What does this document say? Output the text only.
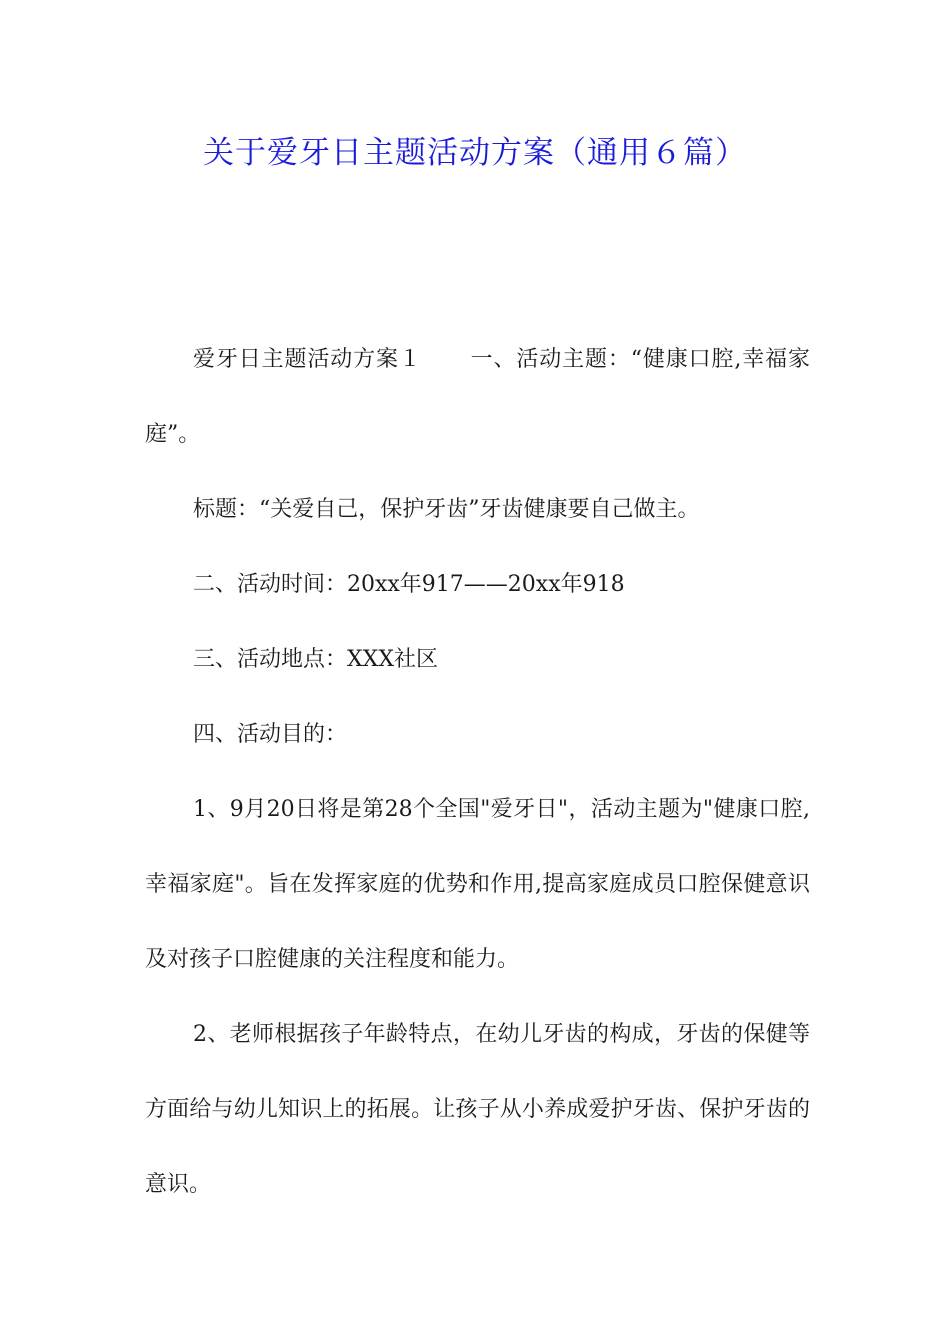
关于爱牙日主题活动方案（通用６篇）

爱牙日主题活动方案１ 一、活动主题：“健康口腔,幸福家庭”。

标题：“关爱自己，保护牙齿”牙齿健康要自己做主。

二、活动时间：20xx年917——20xx年918

三、活动地点：XXX社区

四、活动目的：

1、9月20日将是第28个全国"爱牙日"，活动主题为"健康口腔,幸福家庭"。旨在发挥家庭的优势和作用,提高家庭成员口腔保健意识及对孩子口腔健康的关注程度和能力。

2、老师根据孩子年龄特点，在幼儿牙齿的构成，牙齿的保健等方面给与幼儿知识上的拓展。让孩子从小养成爱护牙齿、保护牙齿的意识。
